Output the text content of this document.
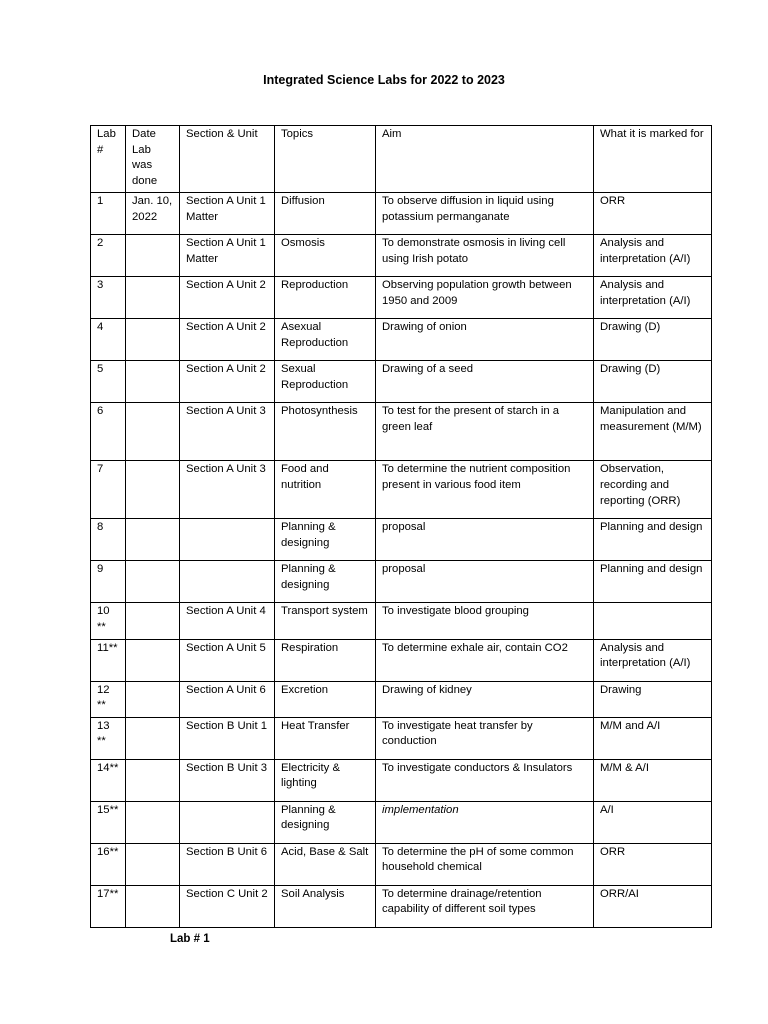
Integrated Science Labs for 2022 to 2023
Lab #	Date Lab was done	Section & Unit	Topics	Aim	What it is marked for
1	Jan. 10, 2022	Section A Unit 1 Matter	Diffusion	To observe diffusion in liquid using potassium permanganate	ORR
2		Section A Unit 1 Matter	Osmosis	To demonstrate osmosis in living cell using Irish potato	Analysis and interpretation (A/I)
3		Section A Unit 2	Reproduction	Observing population growth between 1950 and 2009	Analysis and interpretation (A/I)
4		Section A Unit 2	Asexual Reproduction	Drawing of onion	Drawing (D)
5		Section A Unit 2	Sexual Reproduction	Drawing of a seed	Drawing (D)
6		Section A Unit 3	Photosynthesis	To test for the present of starch in a green leaf	Manipulation and measurement (M/M)
7		Section A Unit 3	Food and nutrition	To determine the nutrient composition present in various food item	Observation, recording and reporting (ORR)
8			Planning & designing	proposal	Planning and design
9			Planning & designing	proposal	Planning and design
10 **		Section A Unit 4	Transport system	To investigate blood grouping	
11**		Section A Unit 5	Respiration	To determine exhale air, contain CO2	Analysis and interpretation (A/I)
12 **		Section A Unit 6	Excretion	Drawing of kidney	Drawing
13 **		Section B Unit 1	Heat Transfer	To investigate heat transfer by conduction	M/M and A/I
14**		Section B Unit 3	Electricity & lighting	To investigate conductors & Insulators	M/M & A/I
15**			Planning & designing	implementation	A/I
16**		Section B Unit 6	Acid, Base & Salt	To determine the pH of some common household chemical	ORR
17**		Section C Unit 2	Soil Analysis	To determine drainage/retention capability of different soil types	ORR/AI
Lab # 1
